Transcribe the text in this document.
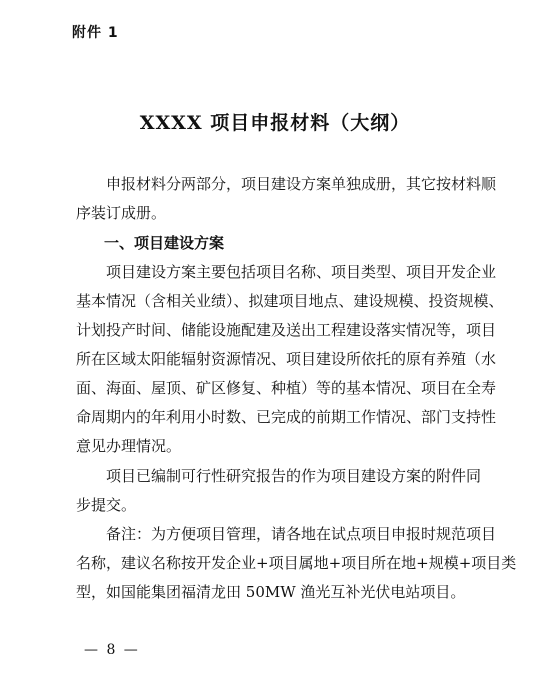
附件 1
XXXX 项目申报材料（大纲）

申报材料分两部分，项目建设方案单独成册，其它按材料顺
序装订成册。

一、项目建设方案

项目建设方案主要包括项目名称、项目类型、项目开发企业
基本情况（含相关业绩）、拟建项目地点、建设规模、投资规模、
计划投产时间、储能设施配建及送出工程建设落实情况等，项目
所在区域太阳能辐射资源情况、项目建设所依托的原有养殖（水
面、海面、屋顶、矿区修复、种植）等的基本情况、项目在全寿
命周期内的年利用小时数、已完成的前期工作情况、部门支持性
意见办理情况。

项目已编制可行性研究报告的作为项目建设方案的附件同
步提交。

备注：为方便项目管理，请各地在试点项目申报时规范项目
名称，建议名称按开发企业+项目属地+项目所在地+规模+项目类
型，如国能集团福清龙田 50MW 渔光互补光伏电站项目。

— 8 —
